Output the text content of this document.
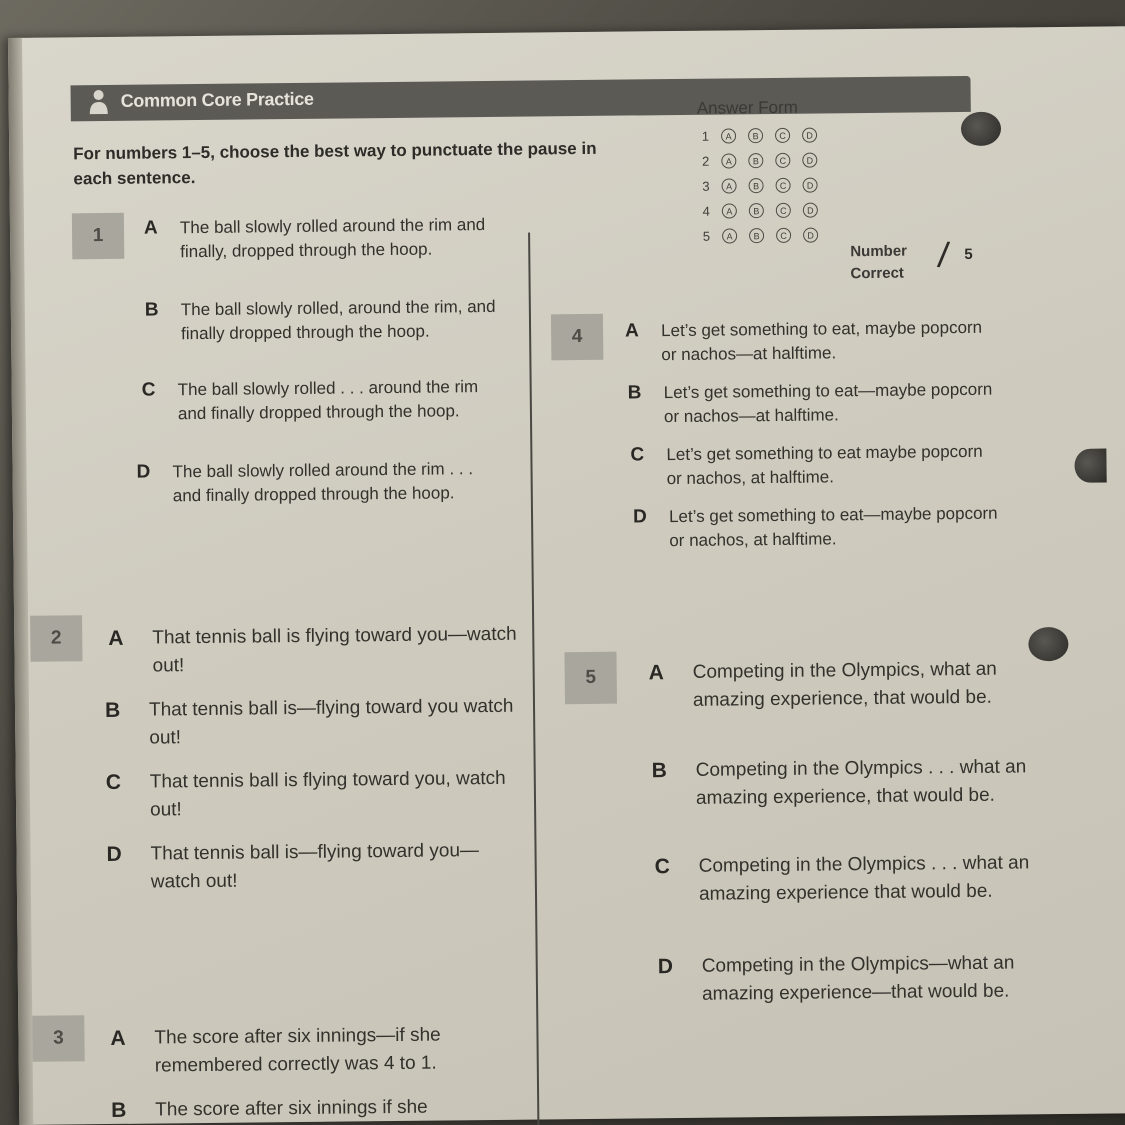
Common Core Practice
For numbers 1–5, choose the best way to punctuate the pause in each sentence.
Answer Form
1	A	B	C	D
2	A	B	C	D
3	A	B	C	D
4	A	B	C	D
5	A	B	C	D
Number Correct / 5
1	A The ball slowly rolled around the rim and finally, dropped through the hoop.
B The ball slowly rolled, around the rim, and finally dropped through the hoop.
C The ball slowly rolled . . . around the rim and finally dropped through the hoop.
D The ball slowly rolled around the rim . . . and finally dropped through the hoop.
2	A That tennis ball is flying toward you—watch out!
B That tennis ball is—flying toward you watch out!
C That tennis ball is flying toward you, watch out!
D That tennis ball is—flying toward you—watch out!
3	A The score after six innings—if she remembered correctly was 4 to 1.
B The score after six innings if she
5	A Competing in the Olympics, what an amazing experience, that would be.
B Competing in the Olympics . . . what an amazing experience, that would be.
C Competing in the Olympics . . . what an amazing experience that would be.
D Competing in the Olympics—what an amazing experience—that would be.
4	A Let’s get something to eat, maybe popcorn or nachos—at halftime.
B Let’s get something to eat—maybe popcorn or nachos—at halftime.
C Let’s get something to eat maybe popcorn or nachos, at halftime.
D Let’s get something to eat—maybe popcorn or nachos, at halftime.
